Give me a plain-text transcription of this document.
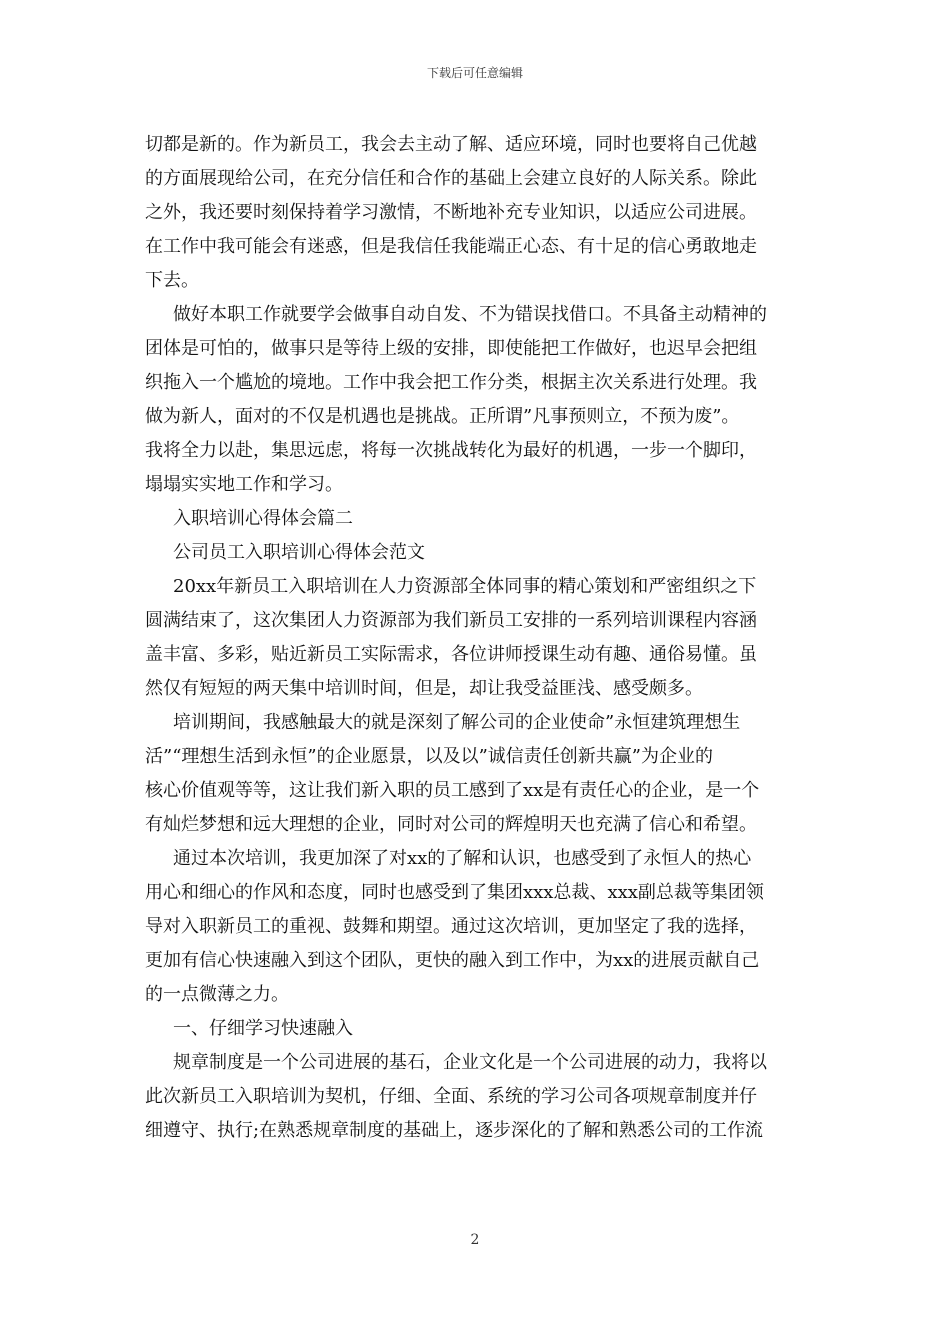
下载后可任意编辑
切都是新的。作为新员工，我会去主动了解、适应环境，同时也要将自己优越
的方面展现给公司，在充分信任和合作的基础上会建立良好的人际关系。除此
之外，我还要时刻保持着学习激情，不断地补充专业知识，以适应公司进展。
在工作中我可能会有迷惑，但是我信任我能端正心态、有十足的信心勇敢地走
下去。
做好本职工作就要学会做事自动自发、不为错误找借口。不具备主动精神的
团体是可怕的，做事只是等待上级的安排，即使能把工作做好，也迟早会把组
织拖入一个尴尬的境地。工作中我会把工作分类，根据主次关系进行处理。我
做为新人，面对的不仅是机遇也是挑战。正所谓”凡事预则立，不预为废”。
我将全力以赴，集思远虑，将每一次挑战转化为最好的机遇，一步一个脚印，
塌塌实实地工作和学习。
入职培训心得体会篇二
公司员工入职培训心得体会范文
20xx年新员工入职培训在人力资源部全体同事的精心策划和严密组织之下
圆满结束了，这次集团人力资源部为我们新员工安排的一系列培训课程内容涵
盖丰富、多彩，贴近新员工实际需求，各位讲师授课生动有趣、通俗易懂。虽
然仅有短短的两天集中培训时间，但是，却让我受益匪浅、感受颇多。
培训期间，我感触最大的就是深刻了解公司的企业使命”永恒建筑理想生
活”“理想生活到永恒”的企业愿景，以及以”诚信责任创新共赢”为企业的
核心价值观等等，这让我们新入职的员工感到了xx是有责任心的企业，是一个
有灿烂梦想和远大理想的企业，同时对公司的辉煌明天也充满了信心和希望。
通过本次培训，我更加深了对xx的了解和认识，也感受到了永恒人的热心
用心和细心的作风和态度，同时也感受到了集团xxx总裁、xxx副总裁等集团领
导对入职新员工的重视、鼓舞和期望。通过这次培训，更加坚定了我的选择，
更加有信心快速融入到这个团队，更快的融入到工作中，为xx的进展贡献自己
的一点微薄之力。
一、仔细学习快速融入
规章制度是一个公司进展的基石，企业文化是一个公司进展的动力，我将以
此次新员工入职培训为契机，仔细、全面、系统的学习公司各项规章制度并仔
细遵守、执行;在熟悉规章制度的基础上，逐步深化的了解和熟悉公司的工作流
2
